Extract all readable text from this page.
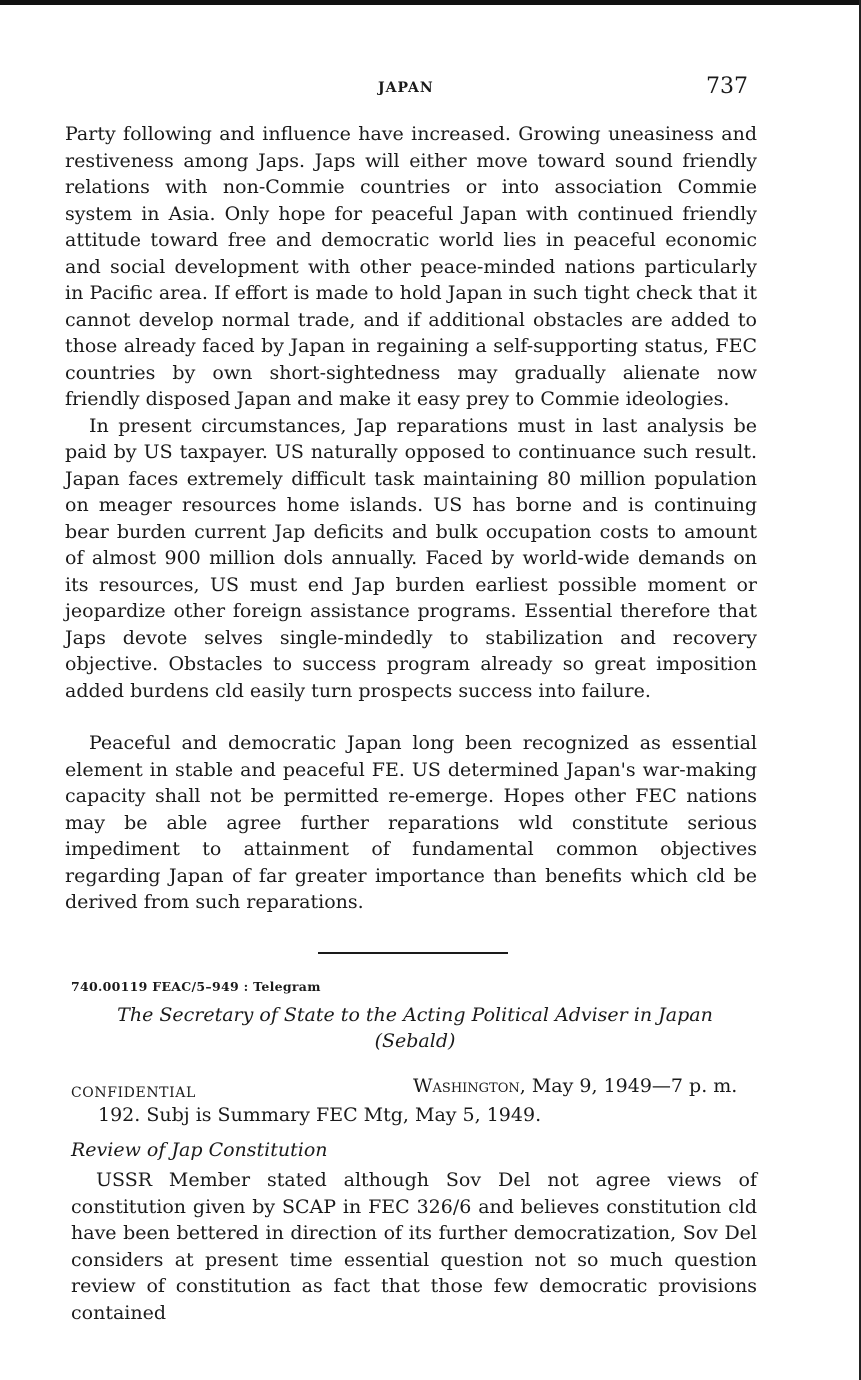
JAPAN	737

Party following and influence have increased. Growing uneasiness and restiveness among Japs. Japs will either move toward sound friendly relations with non-Commie countries or into association Commie system in Asia. Only hope for peaceful Japan with continued friendly attitude toward free and democratic world lies in peaceful economic and social development with other peace-minded nations particularly in Pacific area. If effort is made to hold Japan in such tight check that it cannot develop normal trade, and if additional obstacles are added to those already faced by Japan in regaining a self-supporting status, FEC countries by own short-sightedness may gradually alienate now friendly disposed Japan and make it easy prey to Commie ideologies.

In present circumstances, Jap reparations must in last analysis be paid by US taxpayer. US naturally opposed to continuance such result. Japan faces extremely difficult task maintaining 80 million population on meager resources home islands. US has borne and is continuing bear burden current Jap deficits and bulk occupation costs to amount of almost 900 million dols annually. Faced by world-wide demands on its resources, US must end Jap burden earliest possible moment or jeopardize other foreign assistance programs. Essential therefore that Japs devote selves single-mindedly to stabilization and recovery objective. Obstacles to success program already so great imposition added burdens cld easily turn prospects success into failure.

Peaceful and democratic Japan long been recognized as essential element in stable and peaceful FE. US determined Japan's war-making capacity shall not be permitted re-emerge. Hopes other FEC nations may be able agree further reparations wld constitute serious impediment to attainment of fundamental common objectives regarding Japan of far greater importance than benefits which cld be derived from such reparations.

740.00119 FEAC/5–949 : Telegram
The Secretary of State to the Acting Political Adviser in Japan
(Sebald)
CONFIDENTIAL	Washington, May 9, 1949—7 p. m.
192. Subj is Summary FEC Mtg, May 5, 1949.
Review of Jap Constitution

USSR Member stated although Sov Del not agree views of constitution given by SCAP in FEC 326/6 and believes constitution cld have been bettered in direction of its further democratization, Sov Del considers at present time essential question not so much question review of constitution as fact that those few democratic provisions contained
